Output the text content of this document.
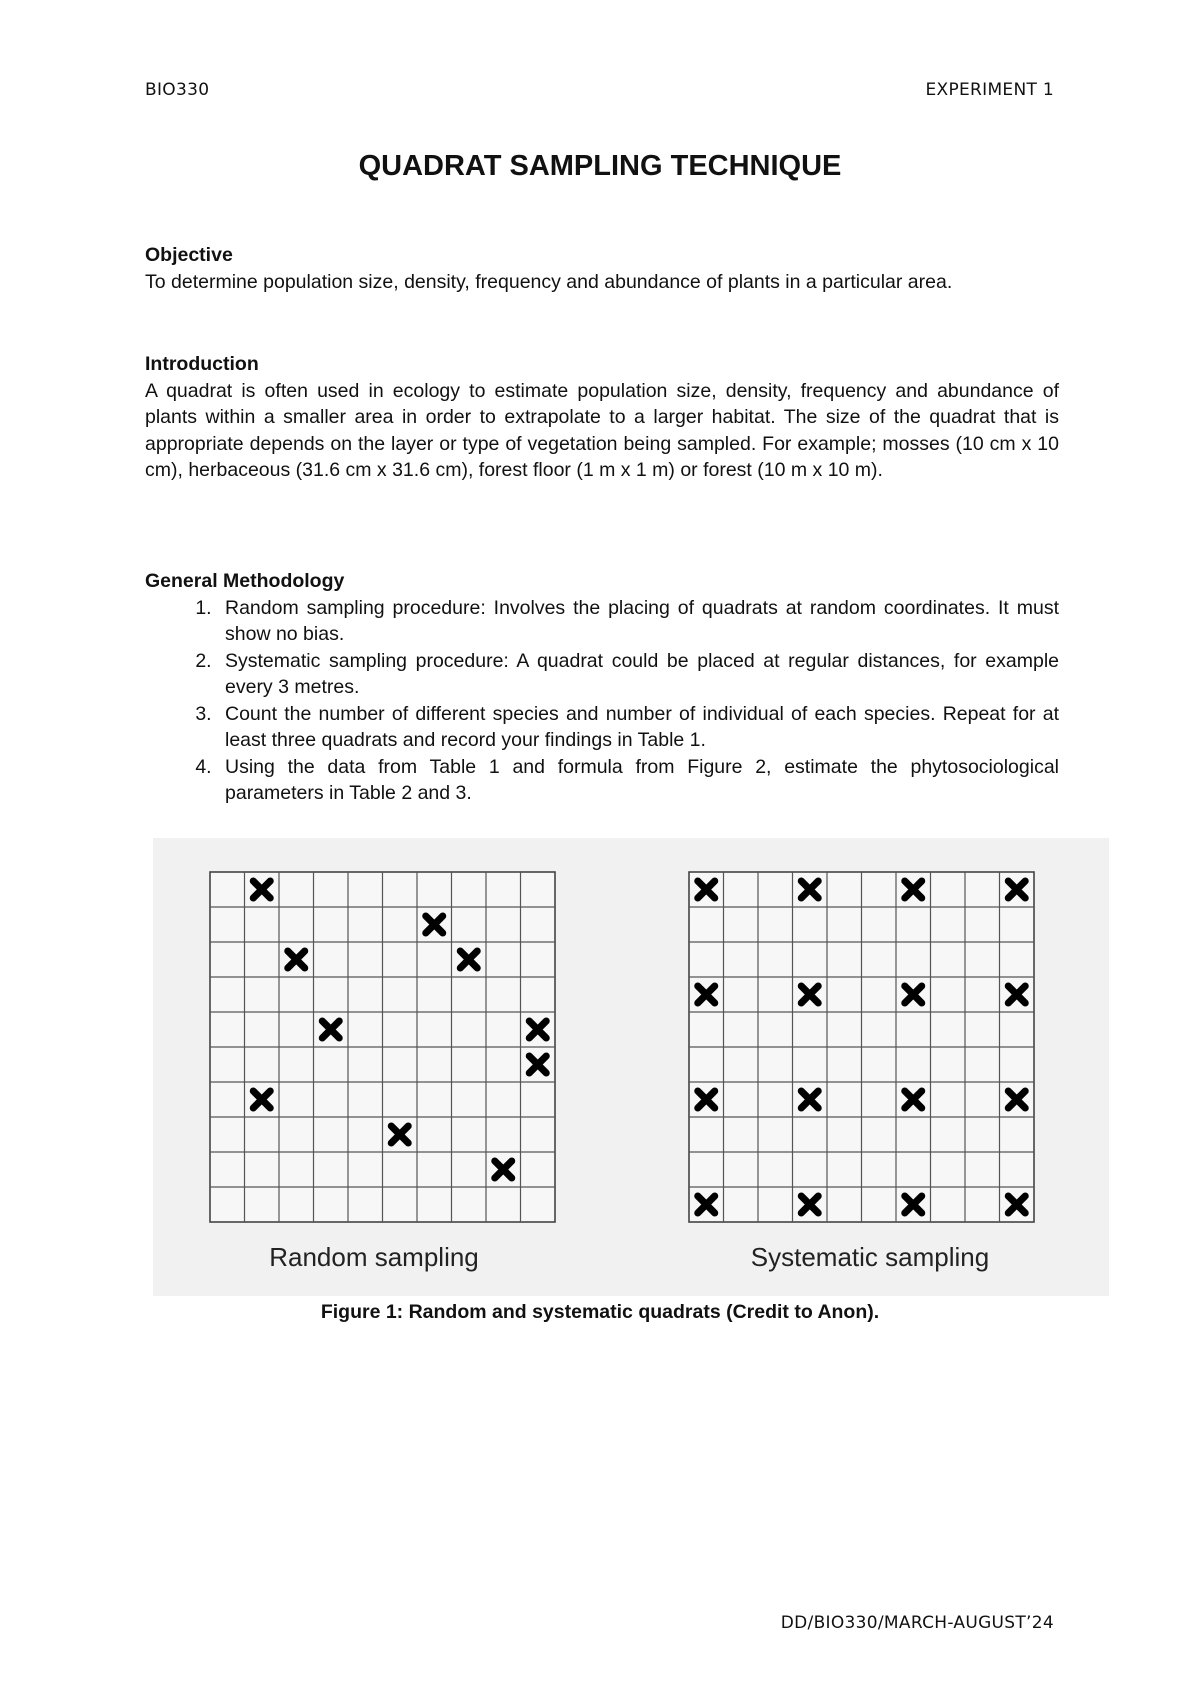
BIO330	EXPERIMENT 1
QUADRAT SAMPLING TECHNIQUE
Objective
To determine population size, density, frequency and abundance of plants in a particular area.
Introduction
A quadrat is often used in ecology to estimate population size, density, frequency and abundance of plants within a smaller area in order to extrapolate to a larger habitat. The size of the quadrat that is appropriate depends on the layer or type of vegetation being sampled. For example; mosses (10 cm x 10 cm), herbaceous (31.6 cm x 31.6 cm), forest floor (1 m x 1 m) or forest (10 m x 10 m).
General Methodology
1. Random sampling procedure: Involves the placing of quadrats at random coordinates. It must show no bias.
2. Systematic sampling procedure: A quadrat could be placed at regular distances, for example every 3 metres.
3. Count the number of different species and number of individual of each species. Repeat for at least three quadrats and record your findings in Table 1.
4. Using the data from Table 1 and formula from Figure 2, estimate the phytosociological parameters in Table 2 and 3.
Random sampling	Systematic sampling
Figure 1: Random and systematic quadrats (Credit to Anon).
DD/BIO330/MARCH-AUGUST’24
